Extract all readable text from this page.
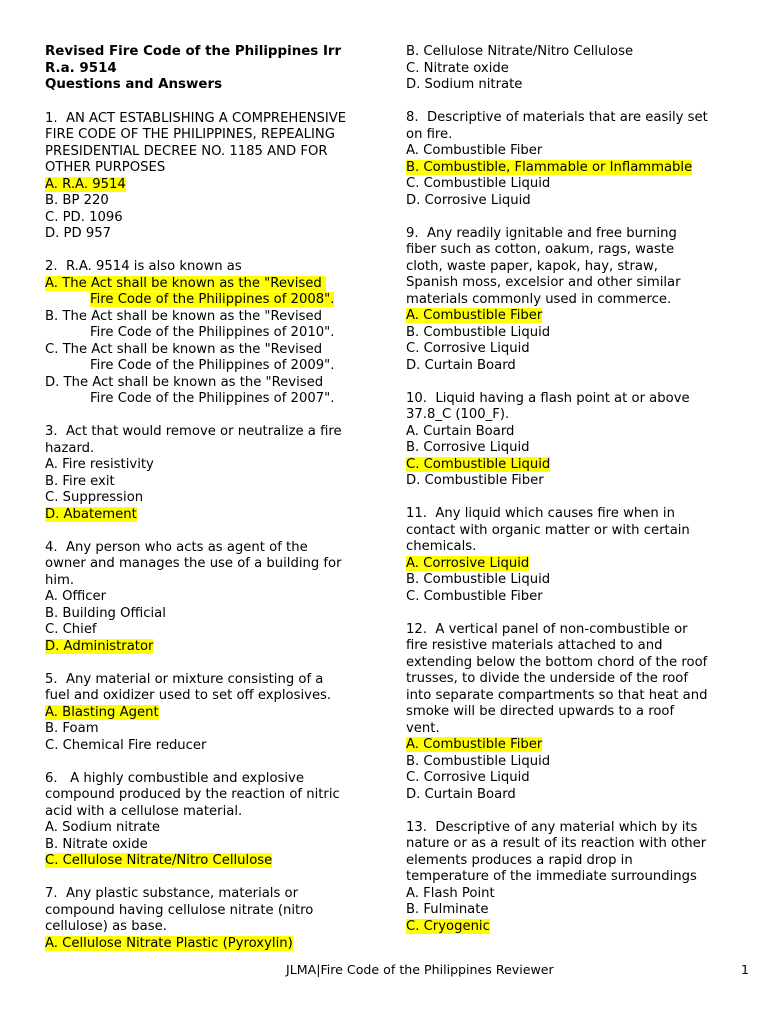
Revised Fire Code of the Philippines Irr
R.a. 9514
Questions and Answers
1.  AN ACT ESTABLISHING A COMPREHENSIVE
FIRE CODE OF THE PHILIPPINES, REPEALING
PRESIDENTIAL DECREE NO. 1185 AND FOR
OTHER PURPOSES
A. R.A. 9514
B. BP 220
C. PD. 1096
D. PD 957
2.  R.A. 9514 is also known as
A. The Act shall be known as the "Revised
Fire Code of the Philippines of 2008".
B. The Act shall be known as the "Revised
Fire Code of the Philippines of 2010".
C. The Act shall be known as the "Revised
Fire Code of the Philippines of 2009".
D. The Act shall be known as the "Revised
Fire Code of the Philippines of 2007".
3.  Act that would remove or neutralize a fire
hazard.
A. Fire resistivity
B. Fire exit
C. Suppression
D. Abatement
4.  Any person who acts as agent of the
owner and manages the use of a building for
him.
A. Officer
B. Building Official
C. Chief
D. Administrator
5.  Any material or mixture consisting of a
fuel and oxidizer used to set off explosives.
A. Blasting Agent
B. Foam
C. Chemical Fire reducer
6.   A highly combustible and explosive
compound produced by the reaction of nitric
acid with a cellulose material.
A. Sodium nitrate
B. Nitrate oxide
C. Cellulose Nitrate/Nitro Cellulose
7.  Any plastic substance, materials or
compound having cellulose nitrate (nitro
cellulose) as base.
A. Cellulose Nitrate Plastic (Pyroxylin)
B. Cellulose Nitrate/Nitro Cellulose
C. Nitrate oxide
D. Sodium nitrate
8.  Descriptive of materials that are easily set
on fire.
A. Combustible Fiber
B. Combustible, Flammable or Inflammable
C. Combustible Liquid
D. Corrosive Liquid
9.  Any readily ignitable and free burning
fiber such as cotton, oakum, rags, waste
cloth, waste paper, kapok, hay, straw,
Spanish moss, excelsior and other similar
materials commonly used in commerce.
A. Combustible Fiber
B. Combustible Liquid
C. Corrosive Liquid
D. Curtain Board
10.  Liquid having a flash point at or above
37.8_C (100_F).
A. Curtain Board
B. Corrosive Liquid
C. Combustible Liquid
D. Combustible Fiber
11.  Any liquid which causes fire when in
contact with organic matter or with certain
chemicals.
A. Corrosive Liquid
B. Combustible Liquid
C. Combustible Fiber
12.  A vertical panel of non-combustible or
fire resistive materials attached to and
extending below the bottom chord of the roof
trusses, to divide the underside of the roof
into separate compartments so that heat and
smoke will be directed upwards to a roof
vent.
A. Combustible Fiber
B. Combustible Liquid
C. Corrosive Liquid
D. Curtain Board
13.  Descriptive of any material which by its
nature or as a result of its reaction with other
elements produces a rapid drop in
temperature of the immediate surroundings
A. Flash Point
B. Fulminate
C. Cryogenic
JLMA|Fire Code of the Philippines Reviewer	1
